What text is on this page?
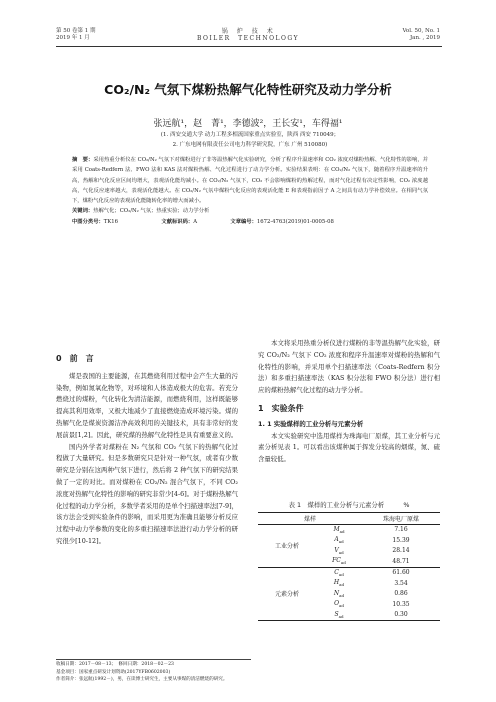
第 50 卷第 1 期
2019 年 1 月
锅　炉　技　术
BOILER　TECHNOLOGY
Vol. 50, No. 1
Jan. , 2019
CO₂/N₂ 气氛下煤粉热解气化特性研究及动力学分析
张远航¹，赵　菁¹，李德波²，王长安¹，车得福¹
(1. 西安交通大学 动力工程多相流国家重点实验室，陕西 西安 710049；
2. 广东电网有限责任公司电力科学研究院，广东 广州 510080)

摘　要：采用热重分析仪在 CO₂/N₂ 气氛下对煤粉进行了非等温热解气化实验研究，分析了程序升温速率和 CO₂ 浓度对煤粉热解、气化特性的影响，并采用 Coats-Redfern 法、FWO 法和 KAS 法对煤粉热解、气化过程进行了动力学分析。实验结果表明：在 CO₂/N₂ 气氛下，随着程序升温速率的升高，热解和气化反应区间均增大，表观活化能均减小。在 CO₂/N₂ 气氛下，CO₂ 不会影响煤粉的热解过程，而对气化过程有决定性影响，CO₂ 浓度越高，气化反应速率越大，表观活化能越大。在 CO₂/N₂ 气氛中煤粉气化反应的表观活化能 E 和表观指前因子 A 之间具有动力学补偿效应。在相同气氛下，煤粉气化反应的表观活化能随转化率的增大而减小。

关键词：热解气化；CO₂/N₂ 气氛；热重实验；动力学分析

中图分类号：TK16	文献标识码：A	文章编号：1672-4763(2019)01-0005-08

0　前　言

煤是我国的主要能源，在其燃烧利用过程中会产生大量的污染物，例如氮氧化物等，对环境和人体造成极大的危害。若充分燃烧过的煤粉，气化转化为清洁能源，而燃烧利用，这样既能够提高其利用效率，又极大地减少了直接燃烧造成环境污染。煤的热解气化是煤炭资源洁净高效利用的关键技术，具有非常好的发展前景[1,2]。因此，研究煤的热解气化特性是具有重要意义的。

国内外学者对煤粉在 N₂ 气氛和 CO₂ 气氛下的热解气化过程做了大量研究。但是多数研究只是针对一种气氛，或者有少数研究是分别在这两种气氛下进行，然后将 2 种气氛下的研究结果做了一定的对比。而对煤粉在 CO₂/N₂ 混合气氛下，不同 CO₂ 浓度对热解气化特性的影响的研究非常少[4-6]。对于煤粉热解气化过程的动力学分析，多数学者采用的是单个扫描速率法[7-9]，该方法会受到实验条件的影响，而采用更为准确且能够分析反应过程中动力学参数的变化的多重扫描速率法进行动力学分析的研究很少[10-12]。

收稿日期：2017－08－13；　修回日期：2018－02－23
基金项目：国家重点研发计划资助(2017YFB0602003)
作者简介：张远航(1992－)，男，在读博士研究生，主要从事煤的清洁燃烧的研究。

本文将采用热重分析仪进行煤粉的非等温热解气化实验，研究 CO₂/N₂ 气氛下 CO₂ 浓度和程序升温速率对煤粉的热解和气化特性的影响，并采用单个扫描速率法（Coats-Redfern 积分法）和多重扫描速率法（KAS 积分法和 FWO 积分法）进行相应的煤粉热解气化过程的动力学分析。

1　实验条件
1. 1 实验煤样的工业分析与元素分析

本文实验研究中选用煤样为珠海电厂原煤，其工业分析与元素分析见表 1。可以看出该煤种属于挥发分较高的烟煤，氮、硫含量较低。

表 1　煤样的工业分析与元素分析　　　%
煤样		珠海电厂原煤
工业分析	$M_{ad}$	7.16
	$A_{ad}$	15.39
	$V_{ad}$	28.14
	$FC_{ad}$	48.71
元素分析	$C_{ad}$	61.60
	$H_{ad}$	3.54
	$N_{ad}$	0.86
	$O_{ad}$	10.35
	$S_{ad}$	0.30
